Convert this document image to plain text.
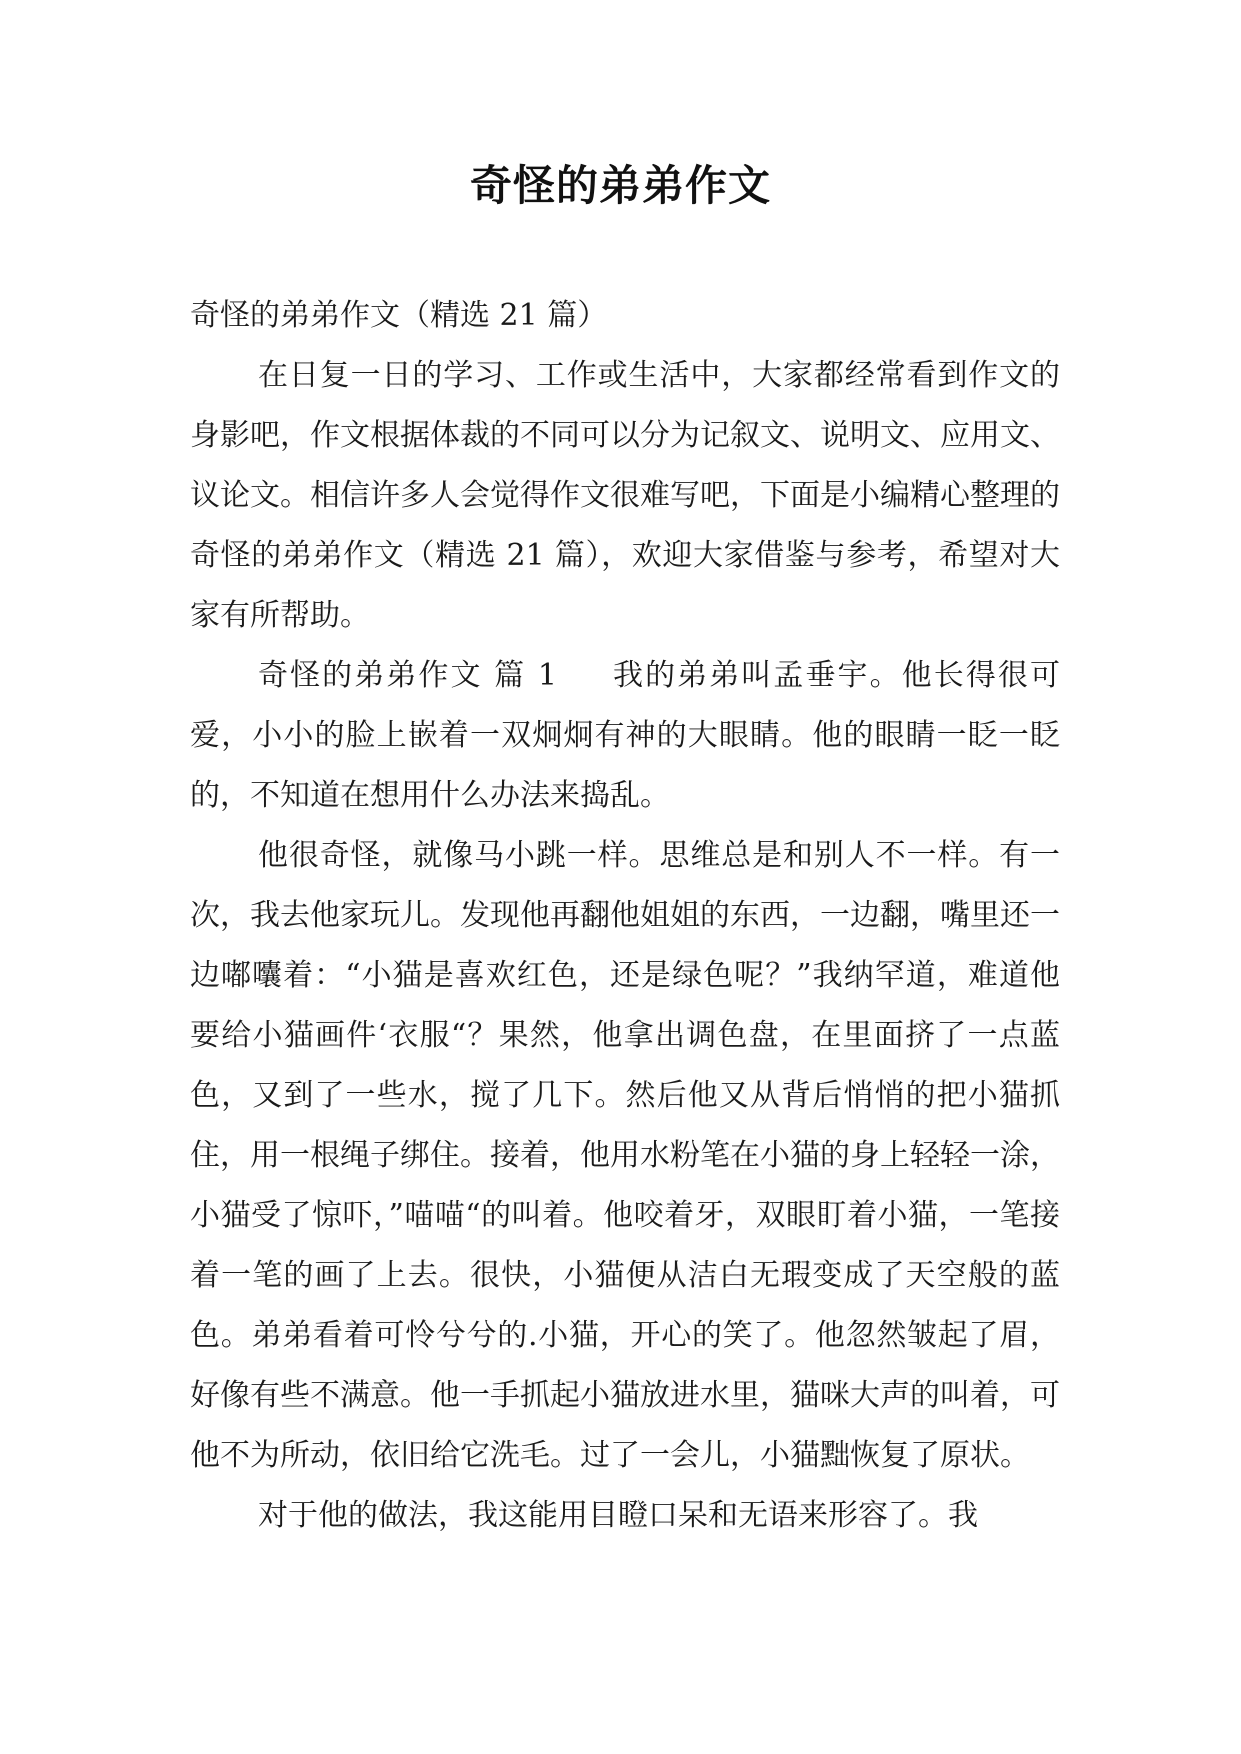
奇怪的弟弟作文

奇怪的弟弟作文（精选 21 篇）

在日复一日的学习、工作或生活中，大家都经常看到作文的身影吧，作文根据体裁的不同可以分为记叙文、说明文、应用文、议论文。相信许多人会觉得作文很难写吧，下面是小编精心整理的奇怪的弟弟作文（精选 21 篇），欢迎大家借鉴与参考，希望对大家有所帮助。

奇怪的弟弟作文 篇 1 我的弟弟叫孟垂宇。他长得很可爱，小小的脸上嵌着一双炯炯有神的大眼睛。他的眼睛一眨一眨的，不知道在想用什么办法来捣乱。

他很奇怪，就像马小跳一样。思维总是和别人不一样。有一次，我去他家玩儿。发现他再翻他姐姐的东西，一边翻，嘴里还一边嘟囔着：“小猫是喜欢红色，还是绿色呢？”我纳罕道，难道他要给小猫画件‘衣服“？果然，他拿出调色盘，在里面挤了一点蓝色，又到了一些水，搅了几下。然后他又从背后悄悄的把小猫抓住，用一根绳子绑住。接着，他用水粉笔在小猫的身上轻轻一涂，小猫受了惊吓，”喵喵“的叫着。他咬着牙，双眼盯着小猫，一笔接着一笔的画了上去。很快，小猫便从洁白无瑕变成了天空般的蓝色。弟弟看着可怜兮兮的.小猫，开心的笑了。他忽然皱起了眉，好像有些不满意。他一手抓起小猫放进水里，猫咪大声的叫着，可他不为所动，依旧给它洗毛。过了一会儿，小猫黜恢复了原状。

对于他的做法，我这能用目瞪口呆和无语来形容了。我
